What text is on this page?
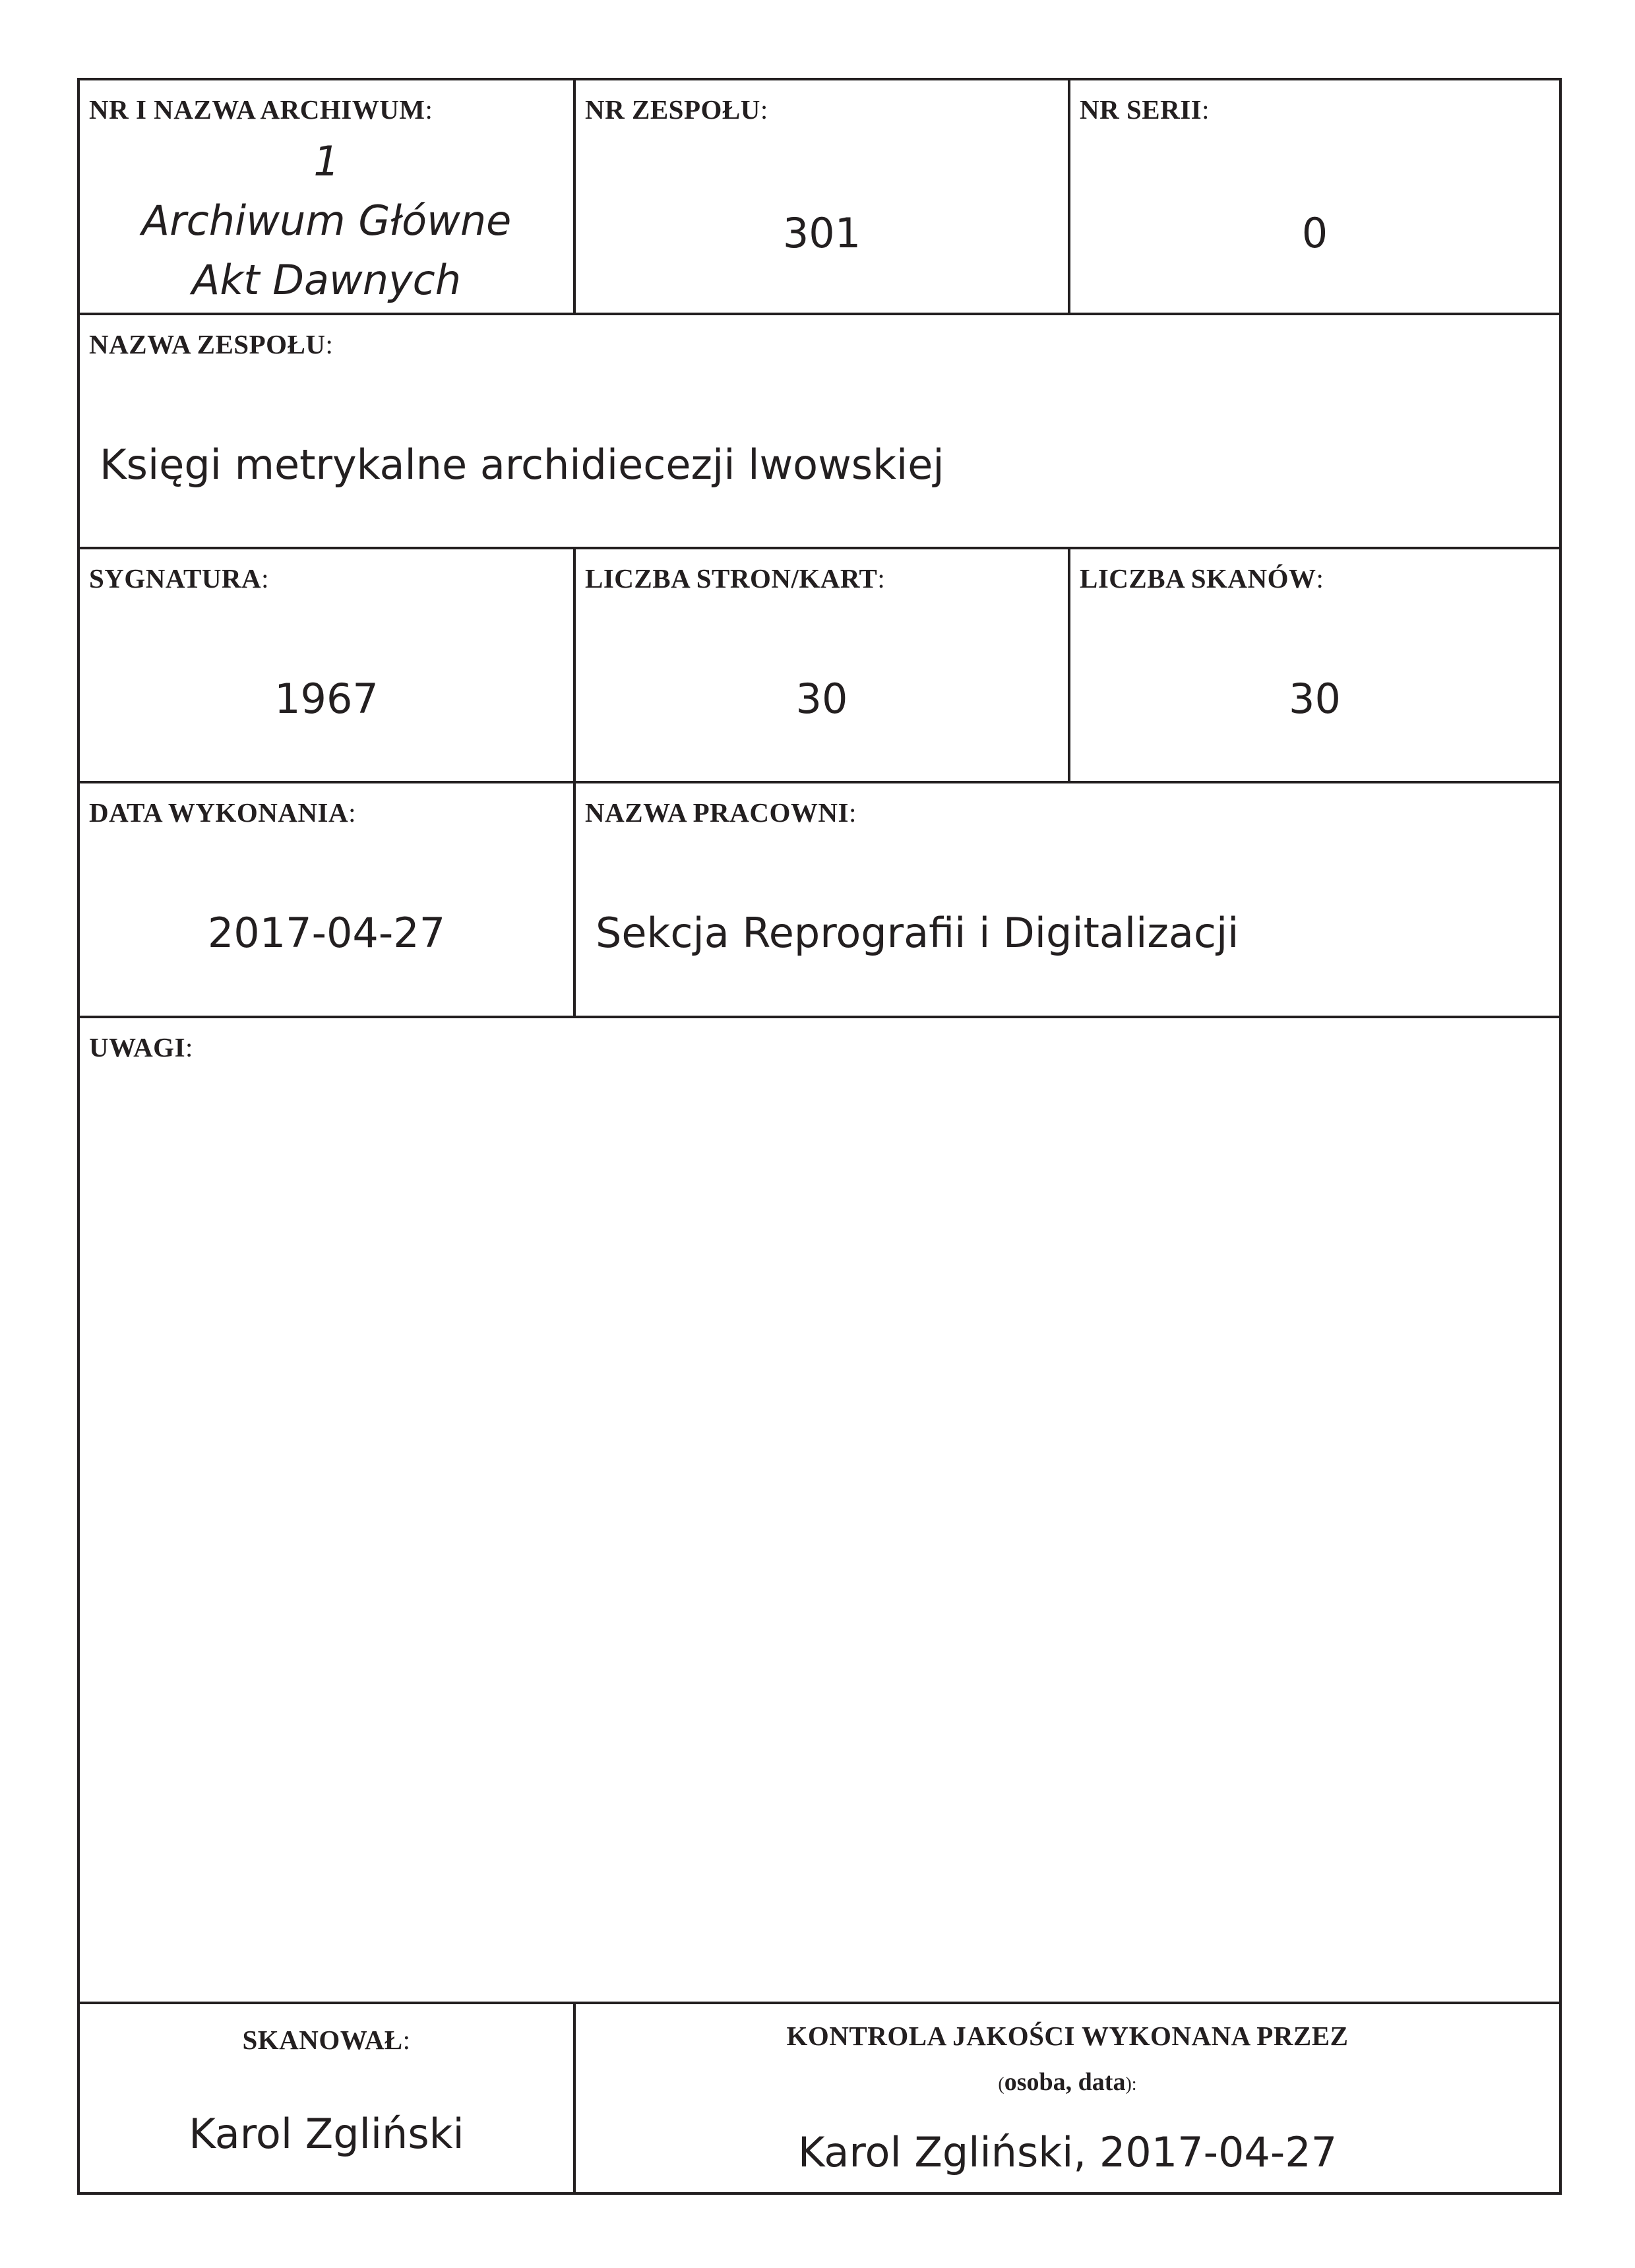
NR I NAZWA ARCHIWUM:
1
Archiwum Główne
Akt Dawnych
NR ZESPOŁU:
301
NR SERII:
0
NAZWA ZESPOŁU:
Księgi metrykalne archidiecezji lwowskiej
SYGNATURA:
1967
LICZBA STRON/KART:
30
LICZBA SKANÓW:
30
DATA WYKONANIA:
2017-04-27
NAZWA PRACOWNI:
Sekcja Reprografii i Digitalizacji
UWAGI:
SKANOWAŁ:
Karol Zgliński
KONTROLA JAKOŚCI WYKONANA PRZEZ
(osoba, data):
Karol Zgliński, 2017-04-27
